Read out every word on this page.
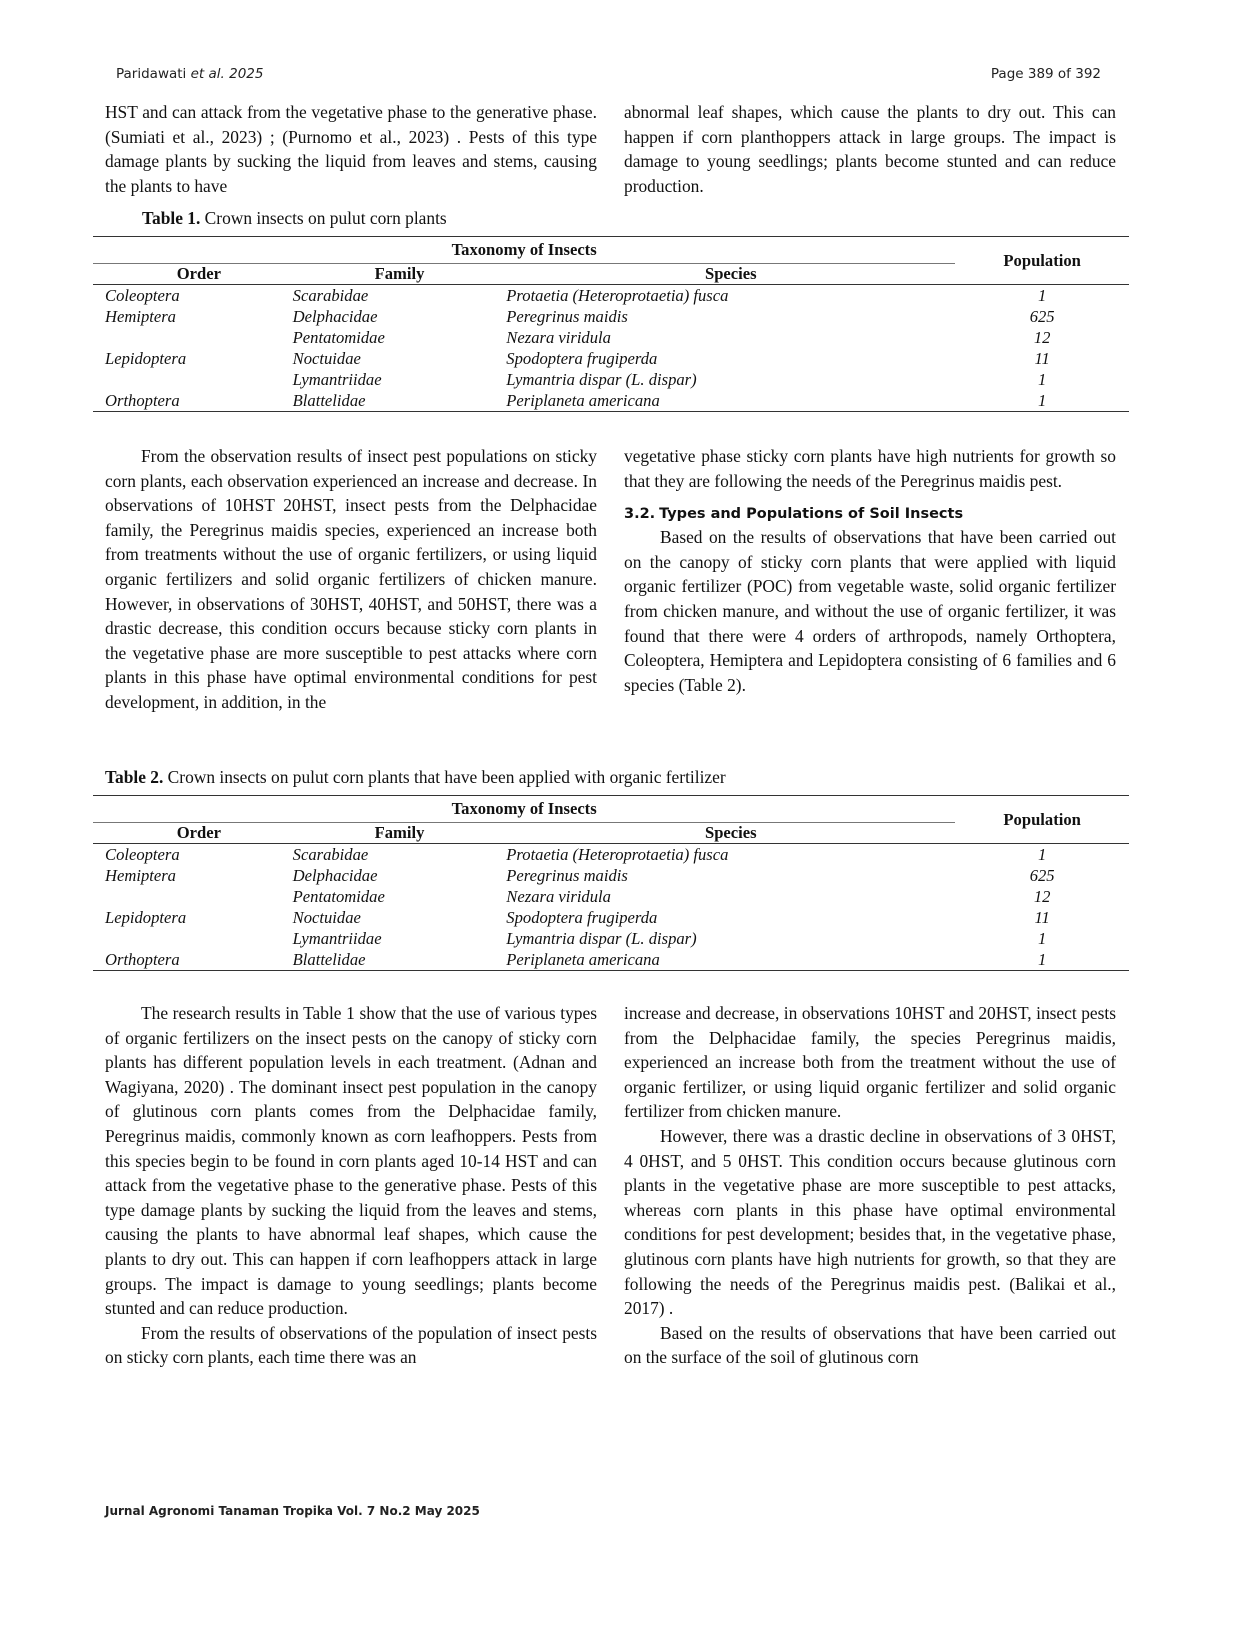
Paridawati et al. 2025	Page 389 of 392

HST and can attack from the vegetative phase to the generative phase. (Sumiati et al., 2023) ; (Purnomo et al., 2023) . Pests of this type damage plants by sucking the liquid from leaves and stems, causing the plants to have

abnormal leaf shapes, which cause the plants to dry out. This can happen if corn planthoppers attack in large groups. The impact is damage to young seedlings; plants become stunted and can reduce production.

Table 1. Crown insects on pulut corn plants
Taxonomy of Insects			Population
Order	Family	Species	
Coleoptera	Scarabidae	Protaetia (Heteroprotaetia) fusca	1
Hemiptera	Delphacidae	Peregrinus maidis	625
	Pentatomidae	Nezara viridula	12
Lepidoptera	Noctuidae	Spodoptera frugiperda	11
	Lymantriidae	Lymantria dispar (L. dispar)	1
Orthoptera	Blattelidae	Periplaneta americana	1

From the observation results of insect pest populations on sticky corn plants, each observation experienced an increase and decrease. In observations of 10HST 20HST, insect pests from the Delphacidae family, the Peregrinus maidis species, experienced an increase both from treatments without the use of organic fertilizers, or using liquid organic fertilizers and solid organic fertilizers of chicken manure. However, in observations of 30HST, 40HST, and 50HST, there was a drastic decrease, this condition occurs because sticky corn plants in the vegetative phase are more susceptible to pest attacks where corn plants in this phase have optimal environmental conditions for pest development, in addition, in the

vegetative phase sticky corn plants have high nutrients for growth so that they are following the needs of the Peregrinus maidis pest.

3.2. Types and Populations of Soil Insects

Based on the results of observations that have been carried out on the canopy of sticky corn plants that were applied with liquid organic fertilizer (POC) from vegetable waste, solid organic fertilizer from chicken manure, and without the use of organic fertilizer, it was found that there were 4 orders of arthropods, namely Orthoptera, Coleoptera, Hemiptera and Lepidoptera consisting of 6 families and 6 species (Table 2).

Table 2. Crown insects on pulut corn plants that have been applied with organic fertilizer
Taxonomy of Insects			Population
Order	Family	Species	
Coleoptera	Scarabidae	Protaetia (Heteroprotaetia) fusca	1
Hemiptera	Delphacidae	Peregrinus maidis	625
	Pentatomidae	Nezara viridula	12
Lepidoptera	Noctuidae	Spodoptera frugiperda	11
	Lymantriidae	Lymantria dispar (L. dispar)	1
Orthoptera	Blattelidae	Periplaneta americana	1

The research results in Table 1 show that the use of various types of organic fertilizers on the insect pests on the canopy of sticky corn plants has different population levels in each treatment. (Adnan and Wagiyana, 2020) . The dominant insect pest population in the canopy of glutinous corn plants comes from the Delphacidae family, Peregrinus maidis, commonly known as corn leafhoppers. Pests from this species begin to be found in corn plants aged 10-14 HST and can attack from the vegetative phase to the generative phase. Pests of this type damage plants by sucking the liquid from the leaves and stems, causing the plants to have abnormal leaf shapes, which cause the plants to dry out. This can happen if corn leafhoppers attack in large groups. The impact is damage to young seedlings; plants become stunted and can reduce production.

From the results of observations of the population of insect pests on sticky corn plants, each time there was an

increase and decrease, in observations 10HST and 20HST, insect pests from the Delphacidae family, the species Peregrinus maidis, experienced an increase both from the treatment without the use of organic fertilizer, or using liquid organic fertilizer and solid organic fertilizer from chicken manure.

However, there was a drastic decline in observations of 3 0HST, 4 0HST, and 5 0HST. This condition occurs because glutinous corn plants in the vegetative phase are more susceptible to pest attacks, whereas corn plants in this phase have optimal environmental conditions for pest development; besides that, in the vegetative phase, glutinous corn plants have high nutrients for growth, so that they are following the needs of the Peregrinus maidis pest. (Balikai et al., 2017) .

Based on the results of observations that have been carried out on the surface of the soil of glutinous corn

Jurnal Agronomi Tanaman Tropika Vol. 7 No.2 May 2025
